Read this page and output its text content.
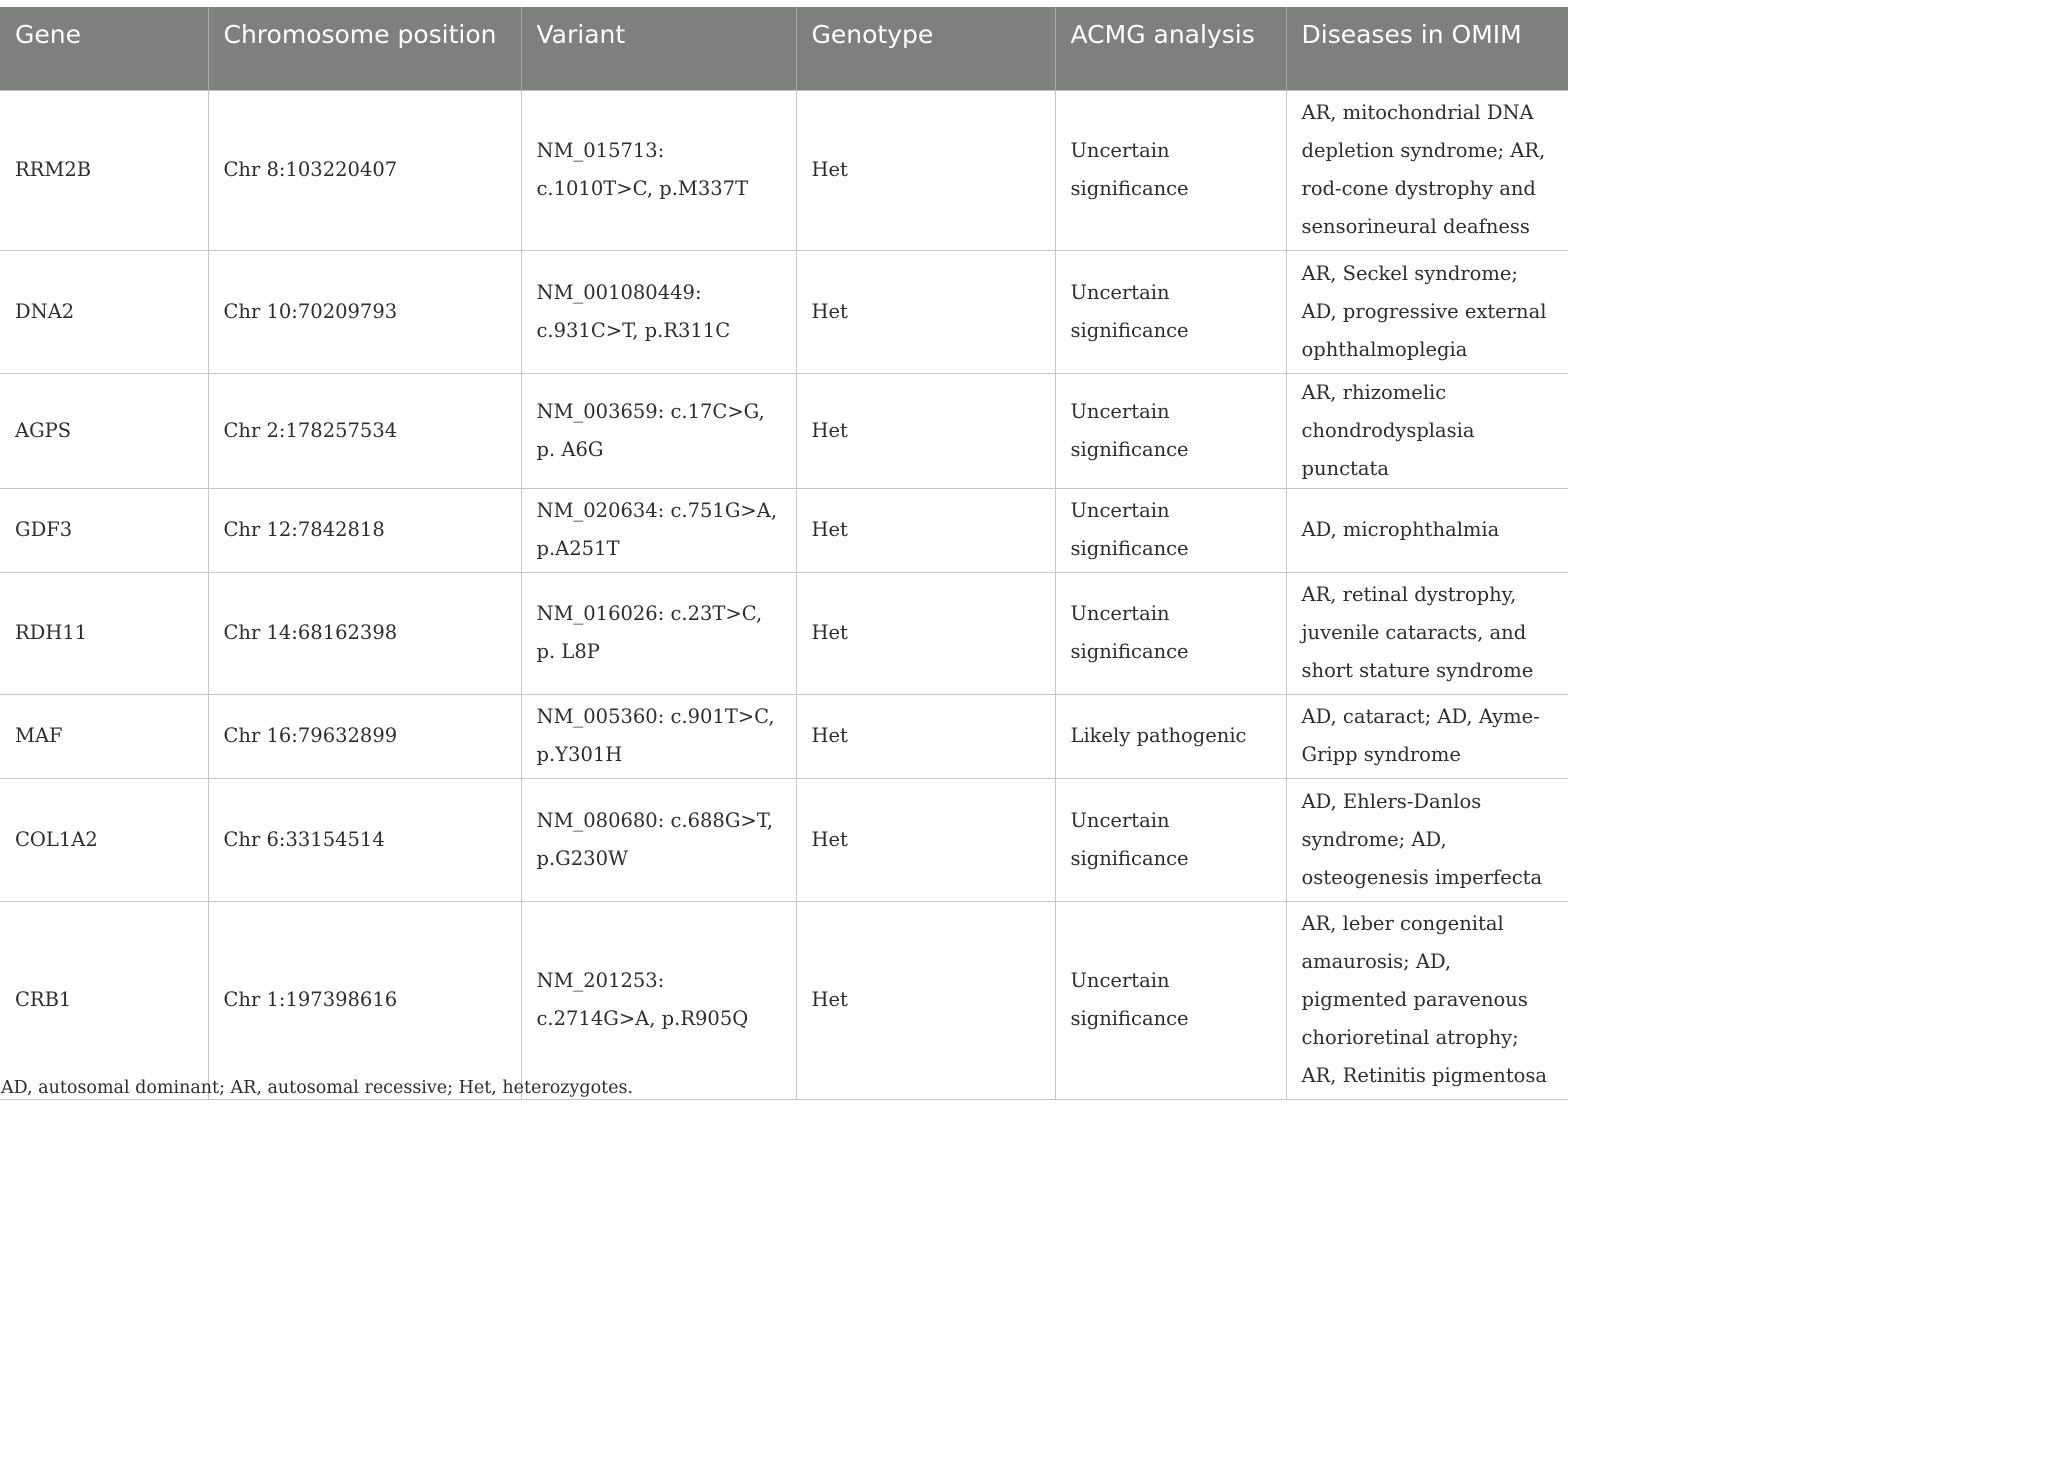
Gene	Chromosome position	Variant	Genotype	ACMG analysis	Diseases in OMIM
RRM2B	Chr 8:103220407	NM_015713: c.1010T>C, p.M337T	Het	Uncertain significance	AR, mitochondrial DNA depletion syndrome; AR, rod-cone dystrophy and sensorineural deafness
DNA2	Chr 10:70209793	NM_001080449: c.931C>T, p.R311C	Het	Uncertain significance	AR, Seckel syndrome; AD, progressive external ophthalmoplegia
AGPS	Chr 2:178257534	NM_003659: c.17C>G, p. A6G	Het	Uncertain significance	AR, rhizomelic chondrodysplasia punctata
GDF3	Chr 12:7842818	NM_020634: c.751G>A, p.A251T	Het	Uncertain significance	AD, microphthalmia
RDH11	Chr 14:68162398	NM_016026: c.23T>C, p. L8P	Het	Uncertain significance	AR, retinal dystrophy, juvenile cataracts, and short stature syndrome
MAF	Chr 16:79632899	NM_005360: c.901T>C, p.Y301H	Het	Likely pathogenic	AD, cataract; AD, Ayme-Gripp syndrome
COL1A2	Chr 6:33154514	NM_080680: c.688G>T, p.G230W	Het	Uncertain significance	AD, Ehlers-Danlos syndrome; AD, osteogenesis imperfecta
CRB1	Chr 1:197398616	NM_201253: c.2714G>A, p.R905Q	Het	Uncertain significance	AR, leber congenital amaurosis; AD, pigmented paravenous chorioretinal atrophy; AR, Retinitis pigmentosa
AD, autosomal dominant; AR, autosomal recessive; Het, heterozygotes.
